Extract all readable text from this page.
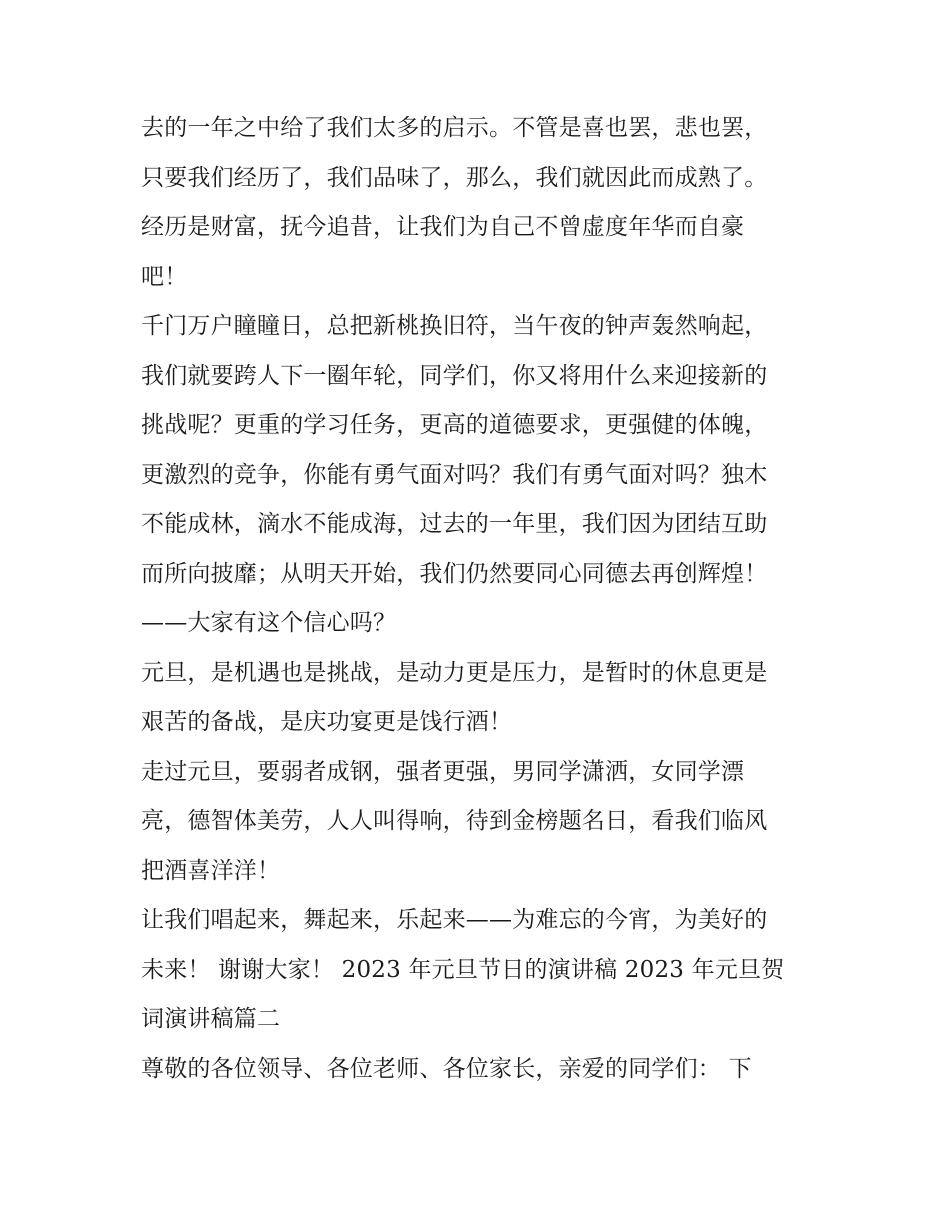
去的一年之中给了我们太多的启示。不管是喜也罢，悲也罢，
只要我们经历了，我们品味了，那么，我们就因此而成熟了。
经历是财富，抚今追昔，让我们为自己不曾虚度年华而自豪
吧！
千门万户瞳瞳日，总把新桃换旧符，当午夜的钟声轰然响起，
我们就要跨人下一圈年轮，同学们，你又将用什么来迎接新的
挑战呢？更重的学习任务，更高的道德要求，更强健的体魄，
更激烈的竞争，你能有勇气面对吗？我们有勇气面对吗？独木
不能成林，滴水不能成海，过去的一年里，我们因为团结互助
而所向披靡；从明天开始，我们仍然要同心同德去再创辉煌！
——大家有这个信心吗？
元旦，是机遇也是挑战，是动力更是压力，是暂时的休息更是
艰苦的备战，是庆功宴更是饯行酒！
走过元旦，要弱者成钢，强者更强，男同学潇洒，女同学漂
亮，德智体美劳，人人叫得响，待到金榜题名日，看我们临风
把酒喜洋洋！
让我们唱起来，舞起来，乐起来——为难忘的今宵，为美好的
未来！ 谢谢大家！ 2023 年元旦节日的演讲稿 2023 年元旦贺
词演讲稿篇二
尊敬的各位领导、各位老师、各位家长，亲爱的同学们： 下
